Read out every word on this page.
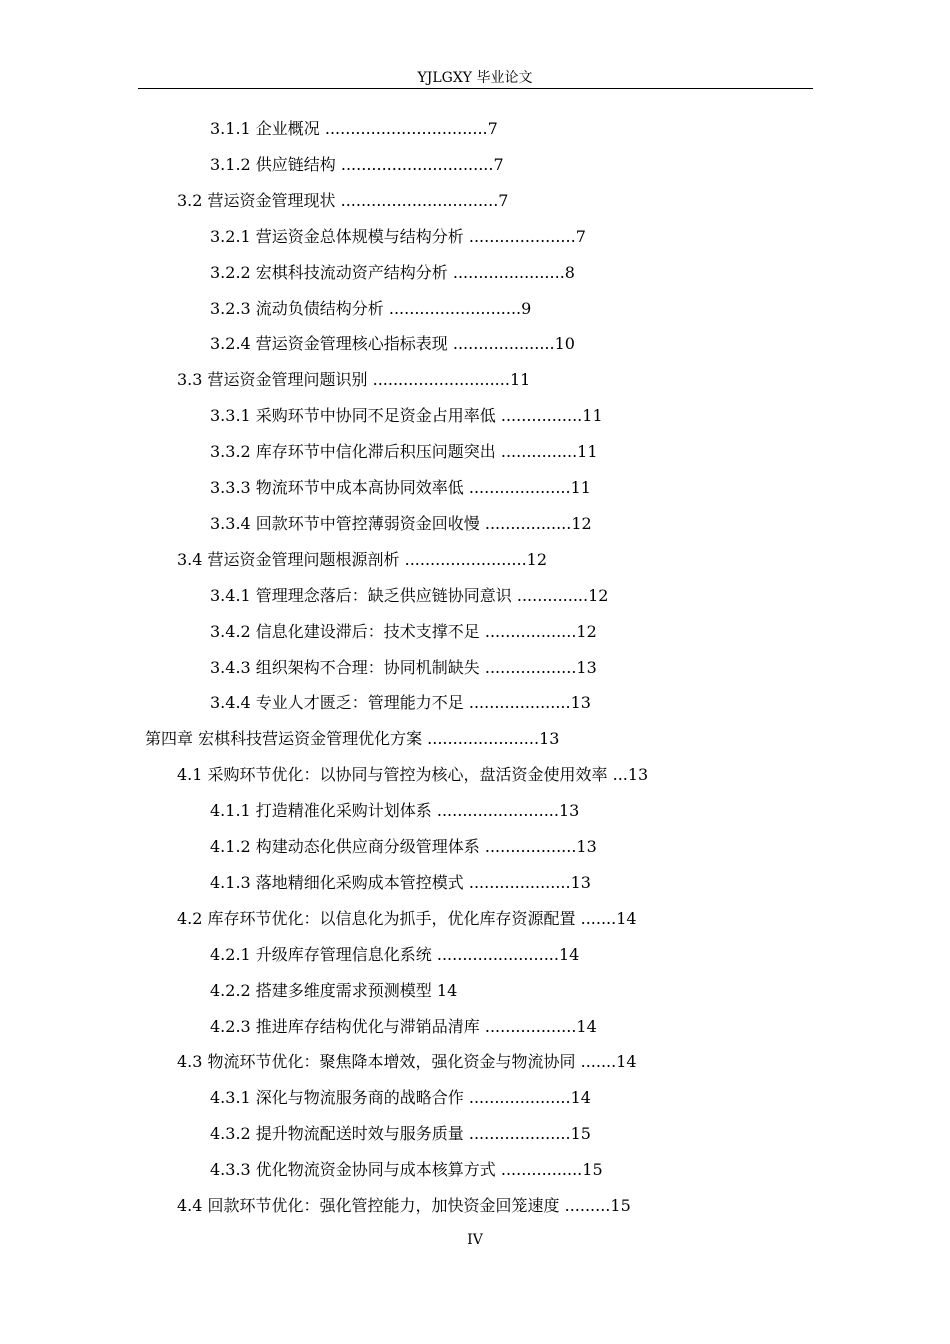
YJLGXY 毕业论文
3.1.1 企业概况 ................................7
3.1.2 供应链结构 ..............................7
3.2 营运资金管理现状 ...............................7
3.2.1 营运资金总体规模与结构分析 .....................7
3.2.2 宏棋科技流动资产结构分析 ......................8
3.2.3 流动负债结构分析 ..........................9
3.2.4 营运资金管理核心指标表现 ....................10
3.3 营运资金管理问题识别 ...........................11
3.3.1 采购环节中协同不足资金占用率低 ................11
3.3.2 库存环节中信化滞后积压问题突出 ...............11
3.3.3 物流环节中成本高协同效率低 ....................11
3.3.4 回款环节中管控薄弱资金回收慢 .................12
3.4 营运资金管理问题根源剖析 ........................12
3.4.1 管理理念落后：缺乏供应链协同意识 ..............12
3.4.2 信息化建设滞后：技术支撑不足 ..................12
3.4.3 组织架构不合理：协同机制缺失 ..................13
3.4.4 专业人才匮乏：管理能力不足 ....................13
第四章 宏棋科技营运资金管理优化方案 ......................13
4.1 采购环节优化：以协同与管控为核心，盘活资金使用效率 ...13
4.1.1 打造精准化采购计划体系 ........................13
4.1.2 构建动态化供应商分级管理体系 ..................13
4.1.3 落地精细化采购成本管控模式 ....................13
4.2 库存环节优化：以信息化为抓手，优化库存资源配置 .......14
4.2.1 升级库存管理信息化系统 ........................14
4.2.2 搭建多维度需求预测模型 14
4.2.3 推进库存结构优化与滞销品清库 ..................14
4.3 物流环节优化：聚焦降本增效，强化资金与物流协同 .......14
4.3.1 深化与物流服务商的战略合作 ....................14
4.3.2 提升物流配送时效与服务质量 ....................15
4.3.3 优化物流资金协同与成本核算方式 ................15
4.4 回款环节优化：强化管控能力，加快资金回笼速度 .........15
IV
